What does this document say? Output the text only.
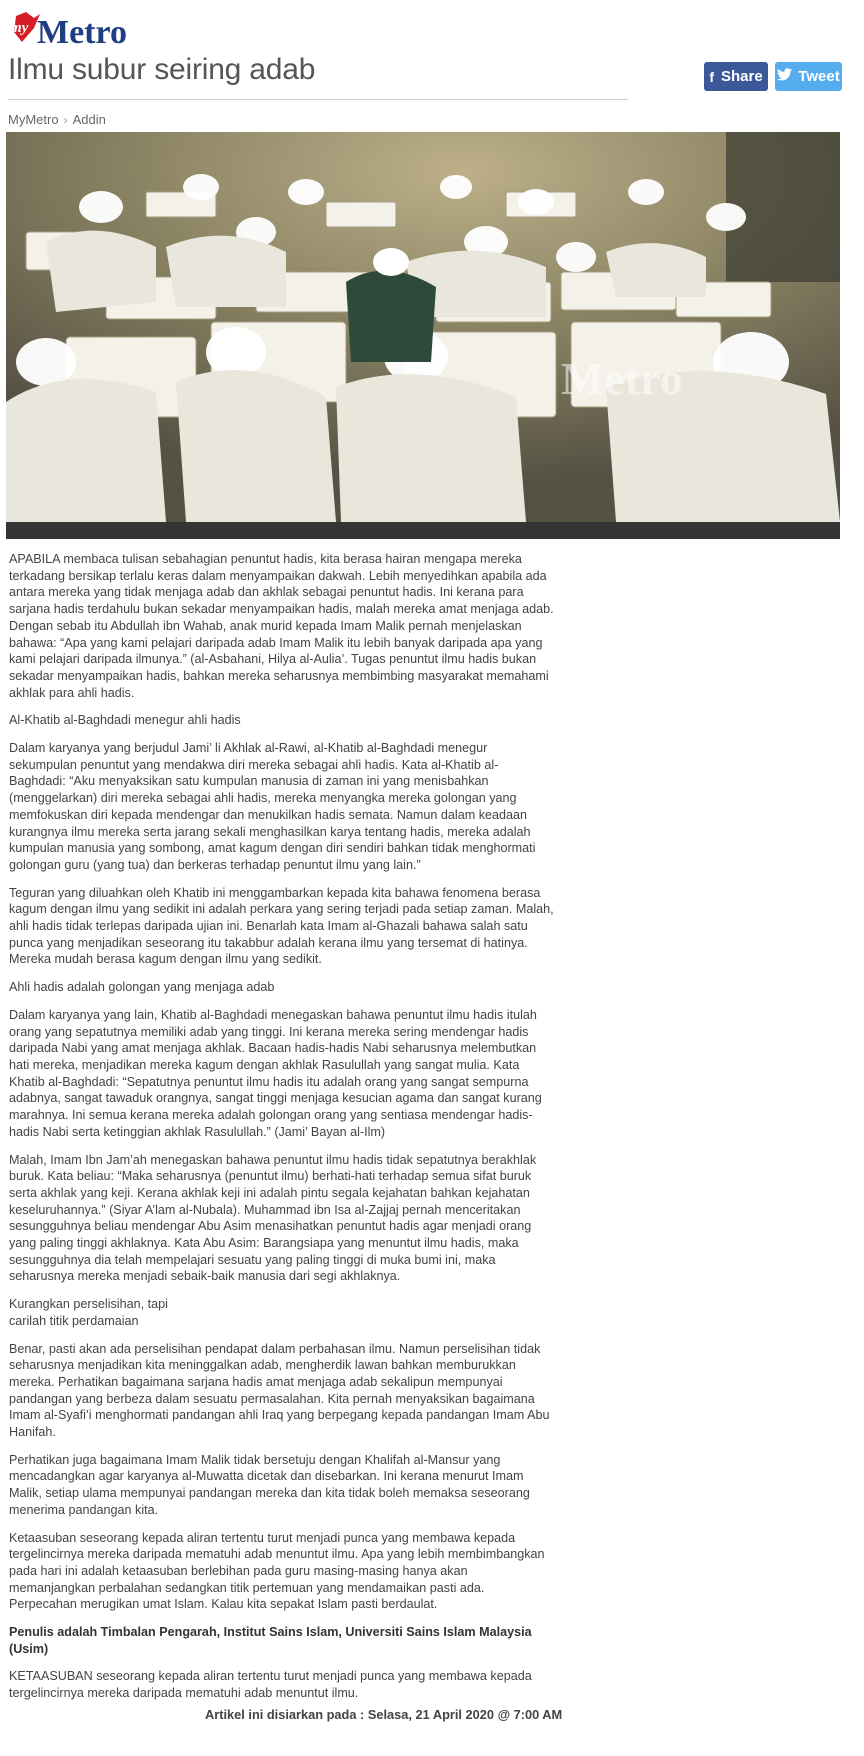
my Metro
Ilmu subur seiring adab	f Share Tweet
MyMetro › Addin
Metro

APABILA membaca tulisan sebahagian penuntut hadis, kita berasa hairan mengapa mereka terkadang bersikap terlalu keras dalam menyampaikan dakwah. Lebih menyedihkan apabila ada antara mereka yang tidak menjaga adab dan akhlak sebagai penuntut hadis. Ini kerana para sarjana hadis terdahulu bukan sekadar menyampaikan hadis, malah mereka amat menjaga adab. Dengan sebab itu Abdullah ibn Wahab, anak murid kepada Imam Malik pernah menjelaskan bahawa: “Apa yang kami pelajari daripada adab Imam Malik itu lebih banyak daripada apa yang kami pelajari daripada ilmunya.” (al-Asbahani, Hilya al-Aulia’. Tugas penuntut ilmu hadis bukan sekadar menyampaikan hadis, bahkan mereka seharusnya membimbing masyarakat memahami akhlak para ahli hadis.

Al-Khatib al-Baghdadi menegur ahli hadis

Dalam karyanya yang berjudul Jami’ li Akhlak al-Rawi, al-Khatib al-Baghdadi menegur sekumpulan penuntut yang mendakwa diri mereka sebagai ahli hadis. Kata al-Khatib al-Baghdadi: “Aku menyaksikan satu kumpulan manusia di zaman ini yang menisbahkan (menggelarkan) diri mereka sebagai ahli hadis, mereka menyangka mereka golongan yang memfokuskan diri kepada mendengar dan menukilkan hadis semata. Namun dalam keadaan kurangnya ilmu mereka serta jarang sekali menghasilkan karya tentang hadis, mereka adalah kumpulan manusia yang sombong, amat kagum dengan diri sendiri bahkan tidak menghormati golongan guru (yang tua) dan berkeras terhadap penuntut ilmu yang lain.”

Teguran yang diluahkan oleh Khatib ini menggambarkan kepada kita bahawa fenomena berasa kagum dengan ilmu yang sedikit ini adalah perkara yang sering terjadi pada setiap zaman. Malah, ahli hadis tidak terlepas daripada ujian ini. Benarlah kata Imam al-Ghazali bahawa salah satu punca yang menjadikan seseorang itu takabbur adalah kerana ilmu yang tersemat di hatinya. Mereka mudah berasa kagum dengan ilmu yang sedikit.

Ahli hadis adalah golongan yang menjaga adab

Dalam karyanya yang lain, Khatib al-Baghdadi menegaskan bahawa penuntut ilmu hadis itulah orang yang sepatutnya memiliki adab yang tinggi. Ini kerana mereka sering mendengar hadis daripada Nabi yang amat menjaga akhlak. Bacaan hadis-hadis Nabi seharusnya melembutkan hati mereka, menjadikan mereka kagum dengan akhlak Rasulullah yang sangat mulia. Kata Khatib al-Baghdadi: “Sepatutnya penuntut ilmu hadis itu adalah orang yang sangat sempurna adabnya, sangat tawaduk orangnya, sangat tinggi menjaga kesucian agama dan sangat kurang marahnya. Ini semua kerana mereka adalah golongan orang yang sentiasa mendengar hadis-hadis Nabi serta ketinggian akhlak Rasulullah.” (Jami’ Bayan al-Ilm)

Malah, Imam Ibn Jam’ah menegaskan bahawa penuntut ilmu hadis tidak sepatutnya berakhlak buruk. Kata beliau: “Maka seharusnya (penuntut ilmu) berhati-hati terhadap semua sifat buruk serta akhlak yang keji. Kerana akhlak keji ini adalah pintu segala kejahatan bahkan kejahatan keseluruhannya.” (Siyar A’lam al-Nubala). Muhammad ibn Isa al-Zajjaj pernah menceritakan sesungguhnya beliau mendengar Abu Asim menasihatkan penuntut hadis agar menjadi orang yang paling tinggi akhlaknya. Kata Abu Asim: Barangsiapa yang menuntut ilmu hadis, maka sesungguhnya dia telah mempelajari sesuatu yang paling tinggi di muka bumi ini, maka seharusnya mereka menjadi sebaik-baik manusia dari segi akhlaknya.

Kurangkan perselisihan, tapi
carilah titik perdamaian

Benar, pasti akan ada perselisihan pendapat dalam perbahasan ilmu. Namun perselisihan tidak seharusnya menjadikan kita meninggalkan adab, mengherdik lawan bahkan memburukkan mereka. Perhatikan bagaimana sarjana hadis amat menjaga adab sekalipun mempunyai pandangan yang berbeza dalam sesuatu permasalahan. Kita pernah menyaksikan bagaimana Imam al-Syafi’i menghormati pandangan ahli Iraq yang berpegang kepada pandangan Imam Abu Hanifah.

Perhatikan juga bagaimana Imam Malik tidak bersetuju dengan Khalifah al-Mansur yang mencadangkan agar karyanya al-Muwatta dicetak dan disebarkan. Ini kerana menurut Imam Malik, setiap ulama mempunyai pandangan mereka dan kita tidak boleh memaksa seseorang menerima pandangan kita.

Ketaasuban seseorang kepada aliran tertentu turut menjadi punca yang membawa kepada tergelincirnya mereka daripada mematuhi adab menuntut ilmu. Apa yang lebih membimbangkan pada hari ini adalah ketaasuban berlebihan pada guru masing-masing hanya akan memanjangkan perbalahan sedangkan titik pertemuan yang mendamaikan pasti ada. Perpecahan merugikan umat Islam. Kalau kita sepakat Islam pasti berdaulat.

Penulis adalah Timbalan Pengarah, Institut Sains Islam, Universiti Sains Islam Malaysia (Usim)

KETAASUBAN seseorang kepada aliran tertentu turut menjadi punca yang membawa kepada tergelincirnya mereka daripada mematuhi adab menuntut ilmu.

Artikel ini disiarkan pada : Selasa, 21 April 2020 @ 7:00 AM
